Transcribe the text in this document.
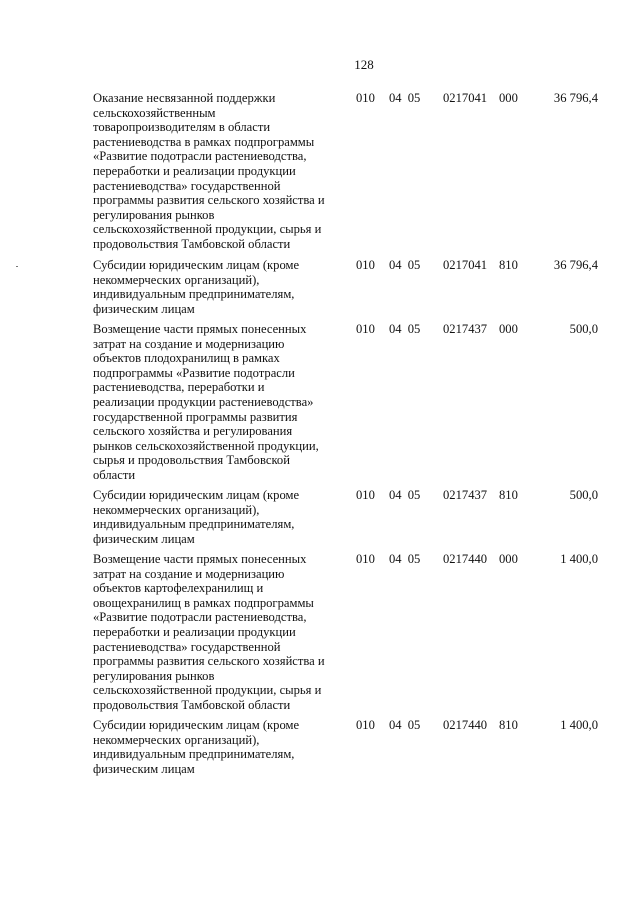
128
Оказание несвязанной поддержки
сельскохозяйственным
товаропроизводителям в области
растениеводства в рамках подпрограммы
«Развитие подотрасли растениеводства,
переработки и реализации продукции
растениеводства» государственной
программы развития сельского хозяйства и
регулирования рынков
сельскохозяйственной продукции, сырья и
продовольствия Тамбовской области
010 04 05 0217041 000	36 796,4
Субсидии юридическим лицам (кроме
некоммерческих организаций),
индивидуальным предпринимателям,
физическим лицам
010 04 05 0217041 810	36 796,4
Возмещение части прямых понесенных
затрат на создание и модернизацию
объектов плодохранилищ в рамках
подпрограммы «Развитие подотрасли
растениеводства, переработки и
реализации продукции растениеводства»
государственной программы развития
сельского хозяйства и регулирования
рынков сельскохозяйственной продукции,
сырья и продовольствия Тамбовской
области
010 04 05 0217437 000	500,0
Субсидии юридическим лицам (кроме
некоммерческих организаций),
индивидуальным предпринимателям,
физическим лицам
010 04 05 0217437 810	500,0
Возмещение части прямых понесенных
затрат на создание и модернизацию
объектов картофелехранилищ и
овощехранилищ в рамках подпрограммы
«Развитие подотрасли растениеводства,
переработки и реализации продукции
растениеводства» государственной
программы развития сельского хозяйства и
регулирования рынков
сельскохозяйственной продукции, сырья и
продовольствия Тамбовской области
010 04 05 0217440 000	1 400,0
Субсидии юридическим лицам (кроме
некоммерческих организаций),
индивидуальным предпринимателям,
физическим лицам
010 04 05 0217440 810	1 400,0
